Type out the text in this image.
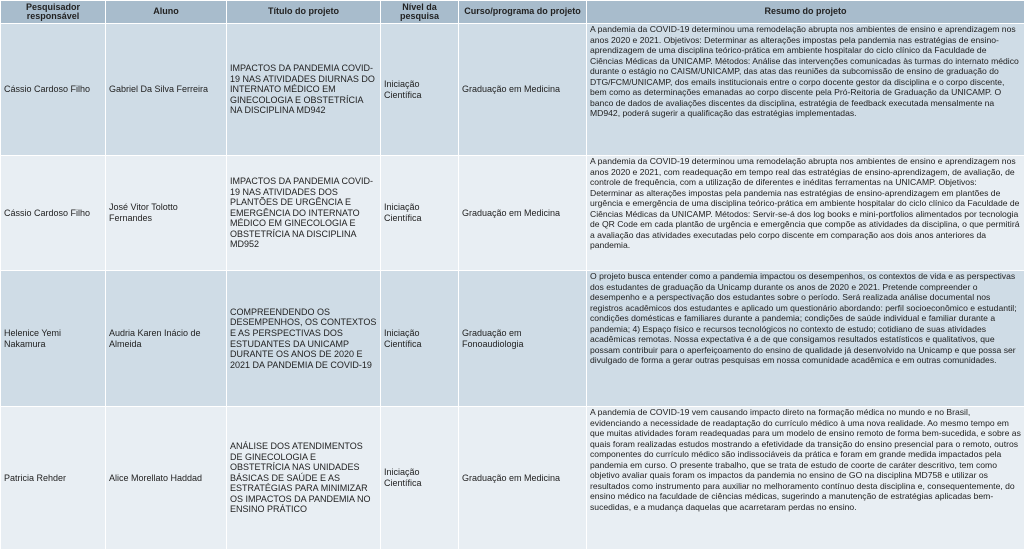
Pesquisador responsável	Aluno	Título do projeto	Nível da pesquisa	Curso/programa do projeto	Resumo do projeto
Cássio Cardoso Filho	Gabriel Da Silva Ferreira	IMPACTOS DA PANDEMIA COVID-19 NAS ATIVIDADES DIURNAS DO INTERNATO MÉDICO EM GINECOLOGIA E OBSTETRÍCIA NA DISCIPLINA MD942	Iniciação Científica	Graduação em Medicina	A pandemia da COVID-19 determinou uma remodelação abrupta nos ambientes de ensino e aprendizagem nos anos 2020 e 2021. Objetivos: Determinar as alterações impostas pela pandemia nas estratégias de ensino-aprendizagem de uma disciplina teórico-prática em ambiente hospitalar do ciclo clínico da Faculdade de Ciências Médicas da UNICAMP. Métodos: Análise das intervenções comunicadas às turmas do internato médico durante o estágio no CAISM/UNICAMP, das atas das reuniões da subcomissão de ensino de graduação do DTG/FCM/UNICAMP, dos emails institucionais entre o corpo docente gestor da disciplina e o corpo discente, bem como as determinações emanadas ao corpo discente pela Pró-Reitoria de Graduação da UNICAMP. O banco de dados de avaliações discentes da disciplina, estratégia de feedback executada mensalmente na MD942, poderá sugerir a qualificação das estratégias implementadas.
Cássio Cardoso Filho	José Vitor Tolotto Fernandes	IMPACTOS DA PANDEMIA COVID-19 NAS ATIVIDADES DOS PLANTÕES DE URGÊNCIA E EMERGÊNCIA DO INTERNATO MÉDICO EM GINECOLOGIA E OBSTETRÍCIA NA DISCIPLINA MD952	Iniciação Científica	Graduação em Medicina	A pandemia da COVID-19 determinou uma remodelação abrupta nos ambientes de ensino e aprendizagem nos anos 2020 e 2021, com readequação em tempo real das estratégias de ensino-aprendizagem, de avaliação, de controle de frequência, com a utilização de diferentes e inéditas ferramentas na UNICAMP. Objetivos: Determinar as alterações impostas pela pandemia nas estratégias de ensino-aprendizagem em plantões de urgência e emergência de uma disciplina teórico-prática em ambiente hospitalar do ciclo clínico da Faculdade de Ciências Médicas da UNICAMP. Métodos: Servir-se-á dos log books e mini-portfolios alimentados por tecnologia de QR Code em cada plantão de urgência e emergência que compõe as atividades da disciplina, o que permitirá a avaliação das atividades executadas pelo corpo discente em comparação aos dois anos anteriores da pandemia.
Helenice Yemi Nakamura	Audria Karen Inácio de Almeida	COMPREENDENDO OS DESEMPENHOS, OS CONTEXTOS E AS PERSPECTIVAS DOS ESTUDANTES DA UNICAMP DURANTE OS ANOS DE 2020 E 2021 DA PANDEMIA DE COVID-19	Iniciação Científica	Graduação em Fonoaudiologia	O projeto busca entender como a pandemia impactou os desempenhos, os contextos de vida e as perspectivas dos estudantes de graduação da Unicamp durante os anos de 2020 e 2021. Pretende compreender o desempenho e a perspectivação dos estudantes sobre o período. Será realizada análise documental nos registros acadêmicos dos estudantes e aplicado um questionário abordando: perfil socioeconômico e estudantil; condições domésticas e familiares durante a pandemia; condições de saúde individual e familiar durante a pandemia; 4) Espaço físico e recursos tecnológicos no contexto de estudo; cotidiano de suas atividades acadêmicas remotas. Nossa expectativa é a de que consigamos resultados estatísticos e qualitativos, que possam contribuir para o aperfeiçoamento do ensino de qualidade já desenvolvido na Unicamp e que possa ser divulgado de forma a gerar outras pesquisas em nossa comunidade acadêmica e em outras comunidades.
Patricia Rehder	Alice Morellato Haddad	ANÁLISE DOS ATENDIMENTOS DE GINECOLOGIA E OBSTETRÍCIA NAS UNIDADES BÁSICAS DE SAÚDE E AS ESTRATÉGIAS PARA MINIMIZAR OS IMPACTOS DA PANDEMIA NO ENSINO PRÁTICO	Iniciação Científica	Graduação em Medicina	A pandemia de COVID-19 vem causando impacto direto na formação médica no mundo e no Brasil, evidenciando a necessidade de readaptação do currículo médico à uma nova realidade. Ao mesmo tempo em que muitas atividades foram readequadas para um modelo de ensino remoto de forma bem-sucedida, e sobre as quais foram realizadas estudos mostrando a efetividade da transição do ensino presencial para o remoto, outros componentes do currículo médico são indissociáveis da prática e foram em grande medida impactados pela pandemia em curso. O presente trabalho, que se trata de estudo de coorte de caráter descritivo, tem como objetivo avaliar quais foram os impactos da pandemia no ensino de GO na disciplina MD758 e utilizar os resultados como instrumento para auxiliar no melhoramento contínuo desta disciplina e, consequentemente, do ensino médico na faculdade de ciências médicas, sugerindo a manutenção de estratégias aplicadas bem-sucedidas, e a mudança daquelas que acarretaram perdas no ensino.
